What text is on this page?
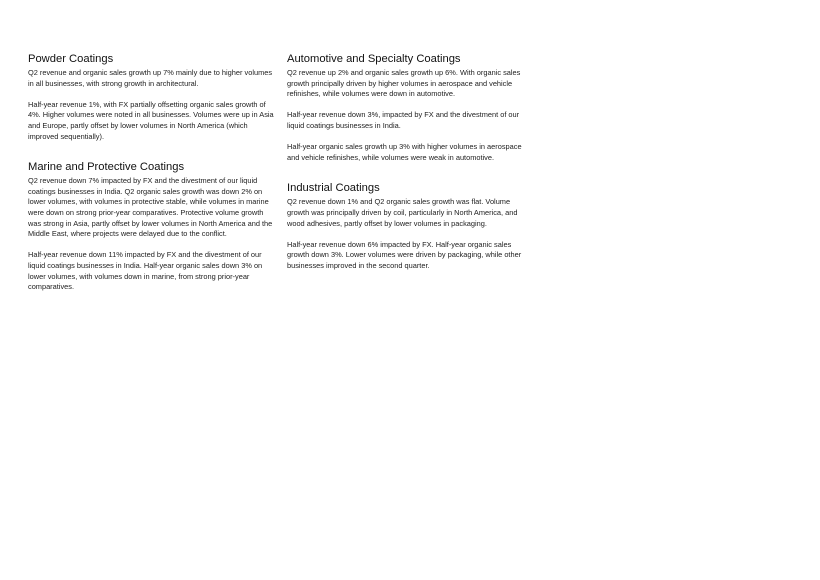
Powder Coatings

Q2 revenue and organic sales growth up 7% mainly due to higher volumes in all businesses, with strong growth in architectural.

Half-year revenue 1%, with FX partially offsetting organic sales growth of 4%. Higher volumes were noted in all businesses. Volumes were up in Asia and Europe, partly offset by lower volumes in North America (which improved sequentially).

Marine and Protective Coatings

Q2 revenue down 7% impacted by FX and the divestment of our liquid coatings businesses in India. Q2 organic sales growth was down 2% on lower volumes, with volumes in protective stable, while volumes in marine were down on strong prior-year comparatives. Protective volume growth was strong in Asia, partly offset by lower volumes in North America and the Middle East, where projects were delayed due to the conflict.

Half-year revenue down 11% impacted by FX and the divestment of our liquid coatings businesses in India. Half-year organic sales down 3% on lower volumes, with volumes down in marine, from strong prior-year comparatives.

Automotive and Specialty Coatings

Q2 revenue up 2% and organic sales growth up 6%. With organic sales growth principally driven by higher volumes in aerospace and vehicle refinishes, while volumes were down in automotive.

Half-year revenue down 3%, impacted by FX and the divestment of our liquid coatings businesses in India.

Half-year organic sales growth up 3% with higher volumes in aerospace and vehicle refinishes, while volumes were weak in automotive.

Industrial Coatings

Q2 revenue down 1% and Q2 organic sales growth was flat. Volume growth was principally driven by coil, particularly in North America, and wood adhesives, partly offset by lower volumes in packaging.

Half-year revenue down 6% impacted by FX. Half-year organic sales growth down 3%. Lower volumes were driven by packaging, while other businesses improved in the second quarter.
